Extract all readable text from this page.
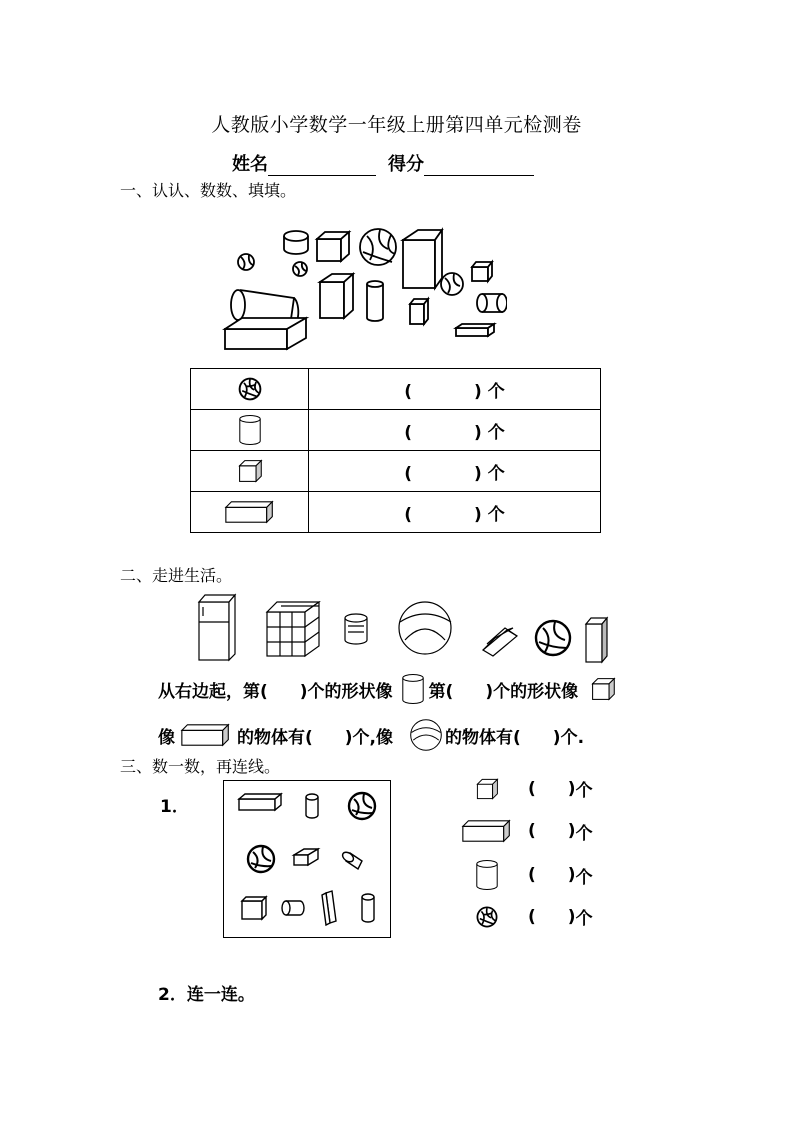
人教版小学数学一年级上册第四单元检测卷
姓名	得分
一、认认、数数、填填。
	( ) 个
	( ) 个
	( ) 个
	( ) 个
二、走进生活。
从右边起，第( )个的形状像 第( )个的形状像
像	的物体有( )个,像	的物体有( )个.
三、数一数，再连线。
1．
( ) 个
( ) 个
( ) 个
( ) 个
2．连一连。
